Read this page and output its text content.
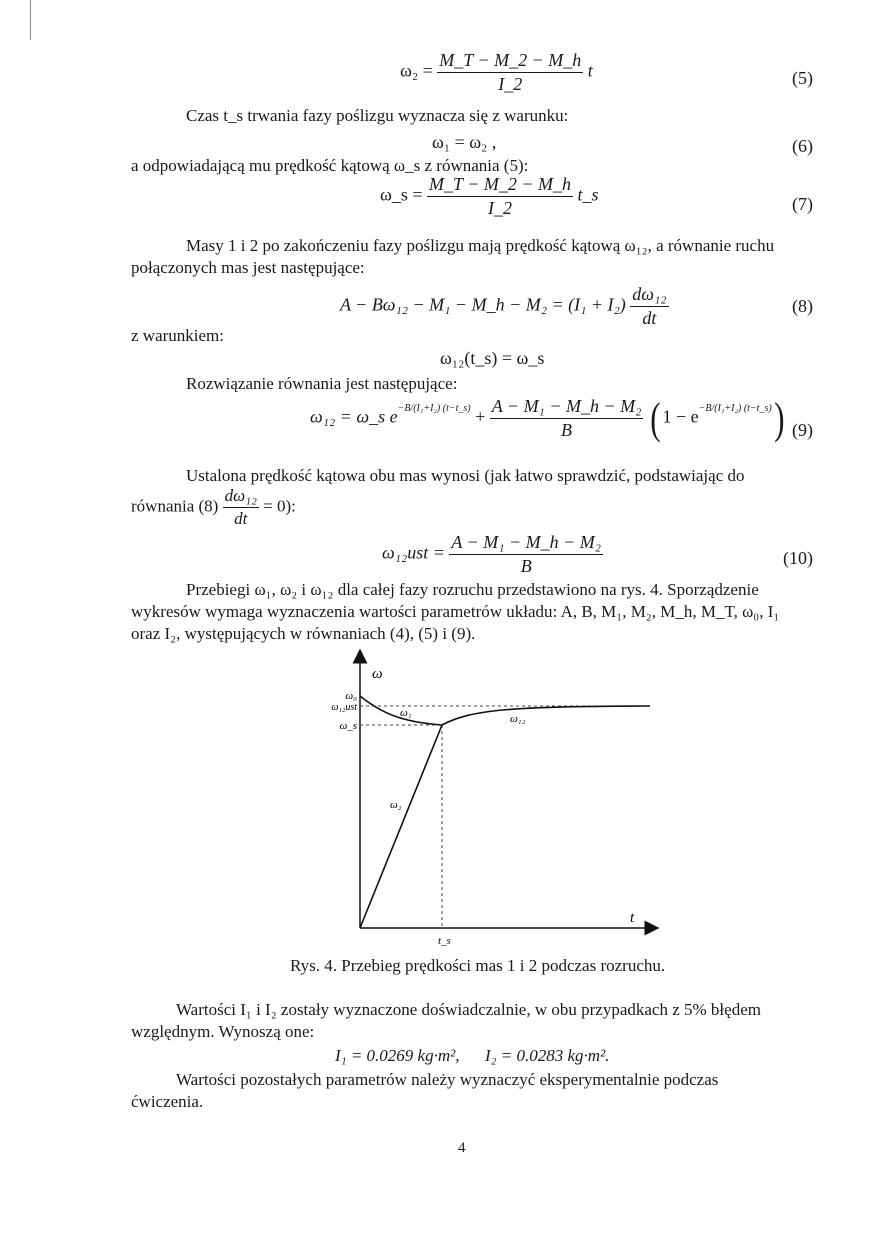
$\omega_2 = \frac{M\_T - M\_2 - M\_h}{I\_2}$ t	(5)
Czas t_s trwania fazy poślizgu wyznacza się z warunku:
ω₁ = ω₂ ,	(6)
a odpowiadającą mu prędkość kątową ω_s z równania (5):
ω_s = $\frac{M\_T - M\_2 - M\_h}{I\_2}$ t_s	(7)
Masy 1 i 2 po zakończeniu fazy poślizgu mają prędkość kątową ω₁₂, a równanie ruchu
połączonych mas jest następujące:
A − Bω₁₂ − M₁ − M_h − $M_2 = (I_1 + I_2) \frac{\text{dω₁₂}}{dt}$	(8)
z warunkiem:
ω₁₂(t_s) = ω_s
Rozwiązanie równania jest następujące:
ω₁₂ = ω_s $e^{-B/(I_1+I_2) (t-t\_s)} + \frac{\text{A − M₁ − M\_h − M₂}}{B}$ ( $1 - e^{-B/(I_1+I_2) (t-t\_s)}$) (9)
Ustalona prędkość kątowa obu mas wynosi (jak łatwo sprawdzić, podstawiając do
równania $(8) \frac{\text{dω₁₂}}{dt} = 0$):
$\omega_{12}ust = \frac{\text{A − M₁ − M\_h − M₂}}{B}$	(10)
Przebiegi ω₁, ω₂ i ω₁₂ dla całej fazy rozruchu przedstawiono na rys. 4. Sporządzenie
wykresów wymaga wyznaczenia wartości parametrów układu: A, B, M₁, M₂, M_h, M_T, ω₀, I₁
oraz I₂, występujących w równaniach (4), (5) i (9).
ω
t
ω₀
ω₁₂ust
ω_s
ω₁	ω₁₂
ω₂
t_s
Rys. 4. Przebieg prędkości mas 1 i 2 podczas rozruchu.
Wartości I₁ i I₂ zostały wyznaczone doświadczalnie, w obu przypadkach z 5% błędem
względnym. Wynoszą one:
I₁ = 0.0269 kg·m², I₂ = 0.0283 kg·m².
Wartości pozostałych parametrów należy wyznaczyć eksperymentalnie podczas
ćwiczenia.
4
